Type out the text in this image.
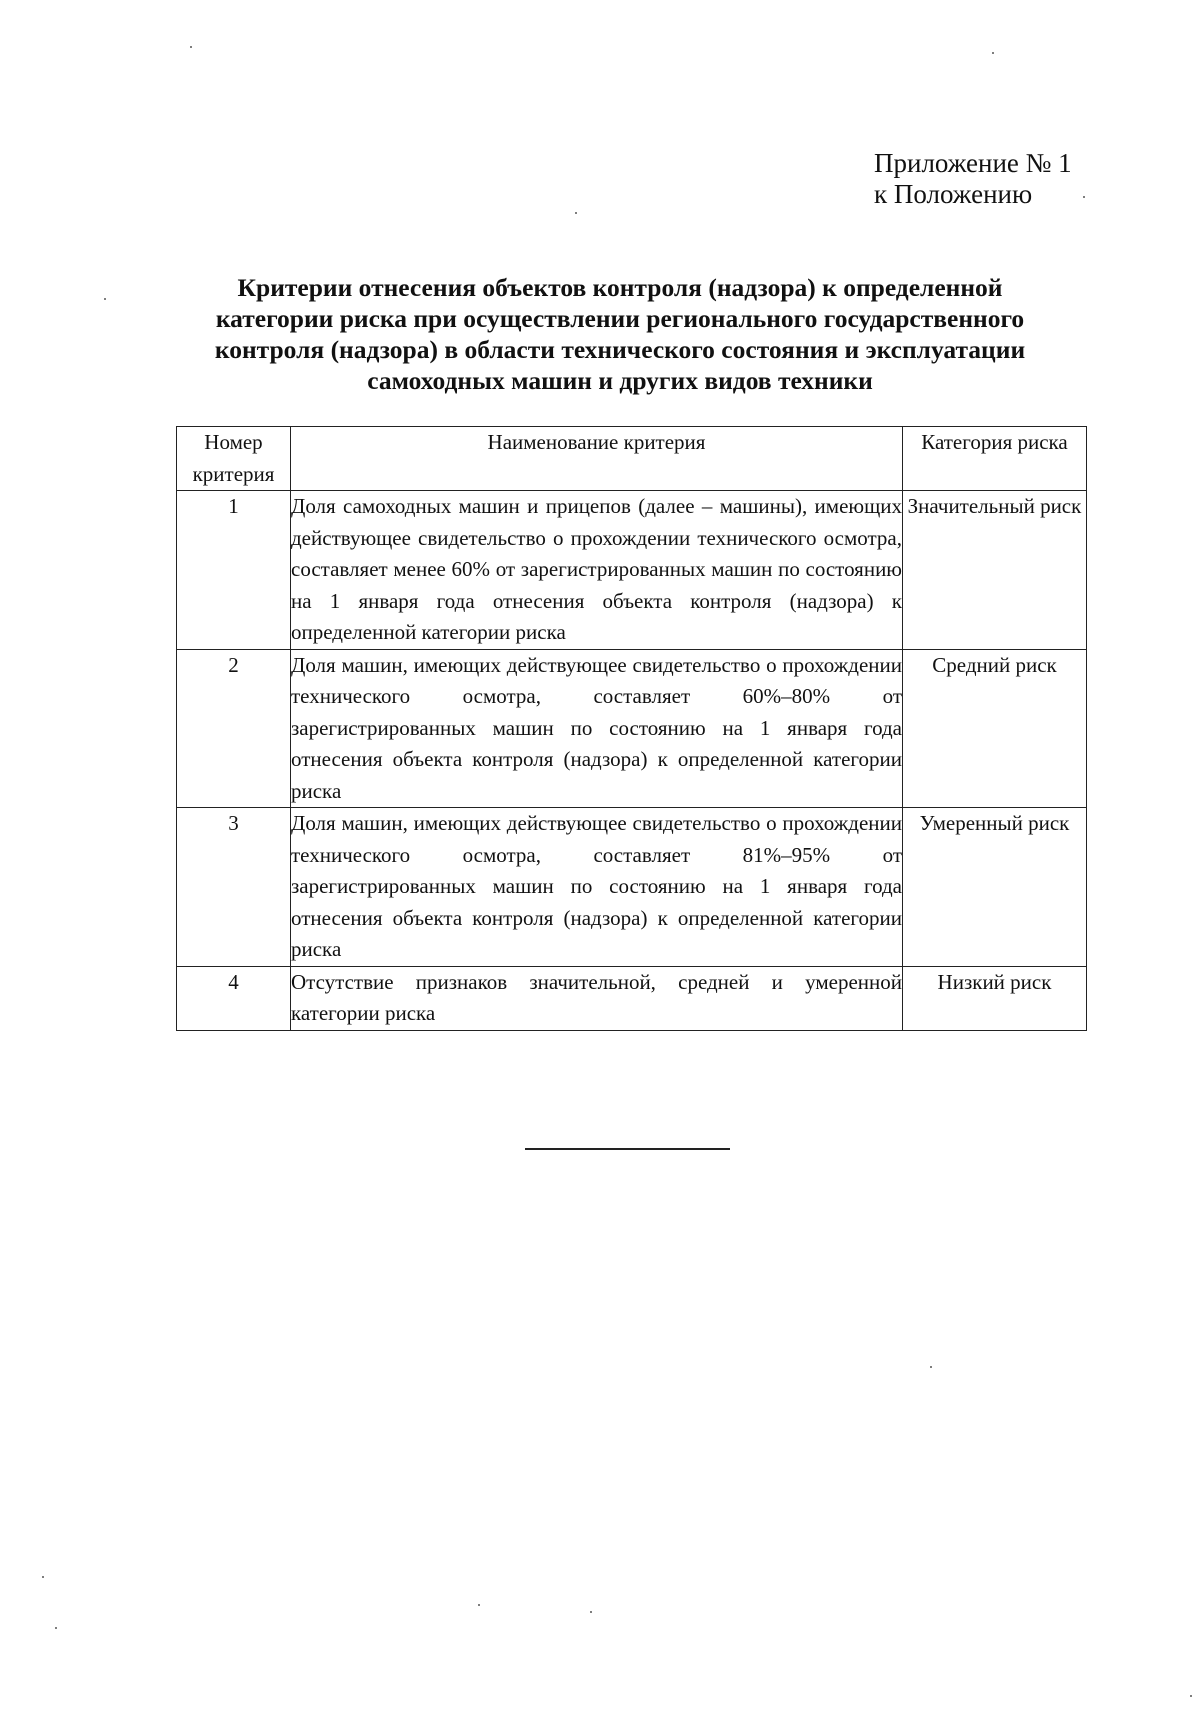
Приложение № 1
к Положению
Критерии отнесения объектов контроля (надзора) к определенной
категории риска при осуществлении регионального государственного
контроля (надзора) в области технического состояния и эксплуатации
самоходных машин и других видов техники
Номер критерия	Наименование критерия	Категория риска
1	Доля самоходных машин и прицепов (далее – машины), имеющих действующее свидетельство о прохождении технического осмотра, составляет менее 60% от зарегистрированных машин по состоянию на 1 января года отнесения объекта контроля (надзора) к определенной категории риска	Значительный риск
2	Доля машин, имеющих действующее свидетельство о прохождении технического осмотра, составляет 60%–80% от зарегистрированных машин по состоянию на 1 января года отнесения объекта контроля (надзора) к определенной категории риска	Средний риск
3	Доля машин, имеющих действующее свидетельство о прохождении технического осмотра, составляет 81%–95% от зарегистрированных машин по состоянию на 1 января года отнесения объекта контроля (надзора) к определенной категории риска	Умеренный риск
4	Отсутствие признаков значительной, средней и умеренной категории риска	Низкий риск
